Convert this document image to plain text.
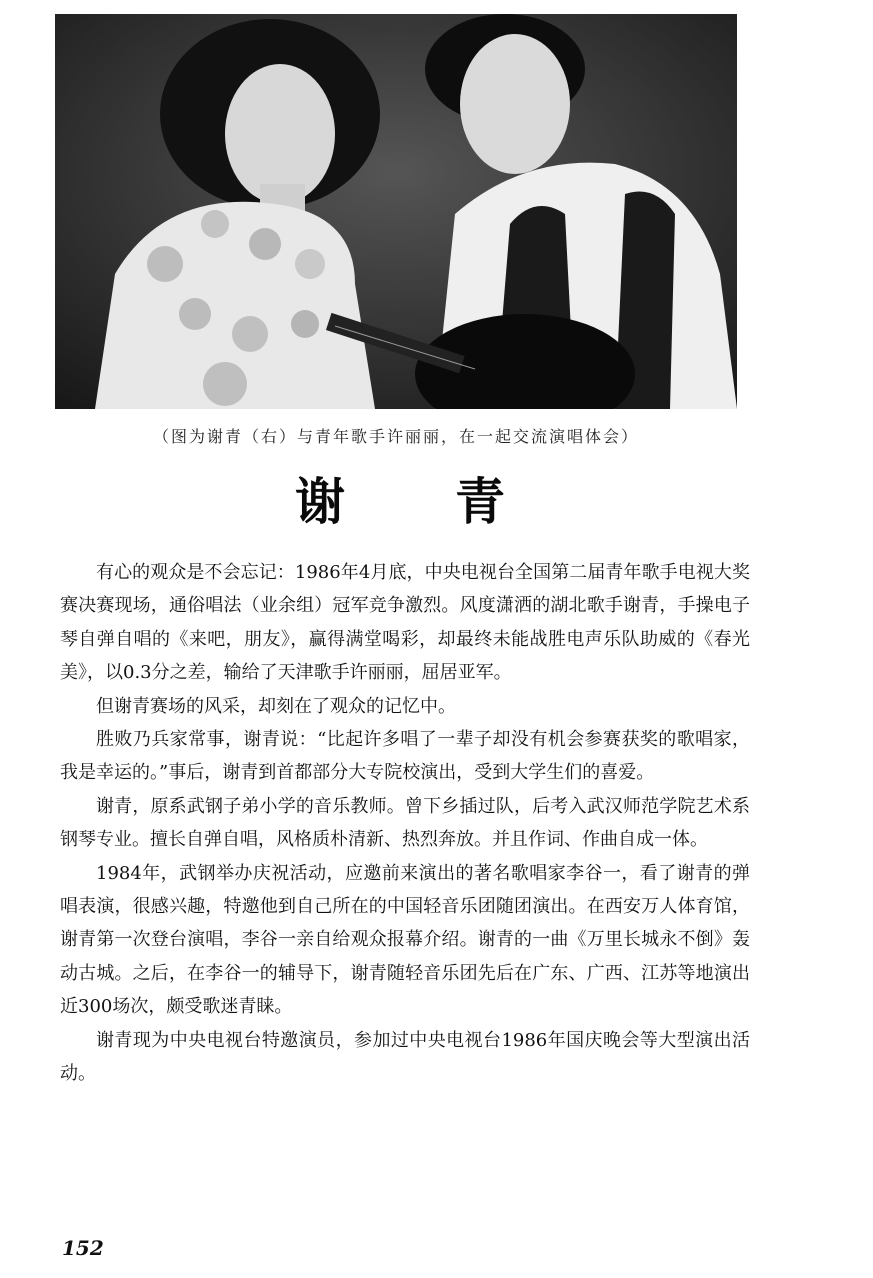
（图为谢青（右）与青年歌手许丽丽，在一起交流演唱体会）
谢青

有心的观众是不会忘记：1986年4月底，中央电视台全国第二届青年歌手电视大奖赛决赛现场，通俗唱法（业余组）冠军竞争激烈。风度潇洒的湖北歌手谢青，手操电子琴自弹自唱的《来吧，朋友》，赢得满堂喝彩，却最终未能战胜电声乐队助威的《春光美》，以0.3分之差，输给了天津歌手许丽丽，屈居亚军。

但谢青赛场的风采，却刻在了观众的记忆中。

胜败乃兵家常事，谢青说：“比起许多唱了一辈子却没有机会参赛获奖的歌唱家，我是幸运的。”事后，谢青到首都部分大专院校演出，受到大学生们的喜爱。

谢青，原系武钢子弟小学的音乐教师。曾下乡插过队，后考入武汉师范学院艺术系钢琴专业。擅长自弹自唱，风格质朴清新、热烈奔放。并且作词、作曲自成一体。

1984年，武钢举办庆祝活动，应邀前来演出的著名歌唱家李谷一，看了谢青的弹唱表演，很感兴趣，特邀他到自己所在的中国轻音乐团随团演出。在西安万人体育馆，谢青第一次登台演唱，李谷一亲自给观众报幕介绍。谢青的一曲《万里长城永不倒》轰动古城。之后，在李谷一的辅导下，谢青随轻音乐团先后在广东、广西、江苏等地演出近300场次，颇受歌迷青睐。

谢青现为中央电视台特邀演员，参加过中央电视台1986年国庆晚会等大型演出活动。

152
